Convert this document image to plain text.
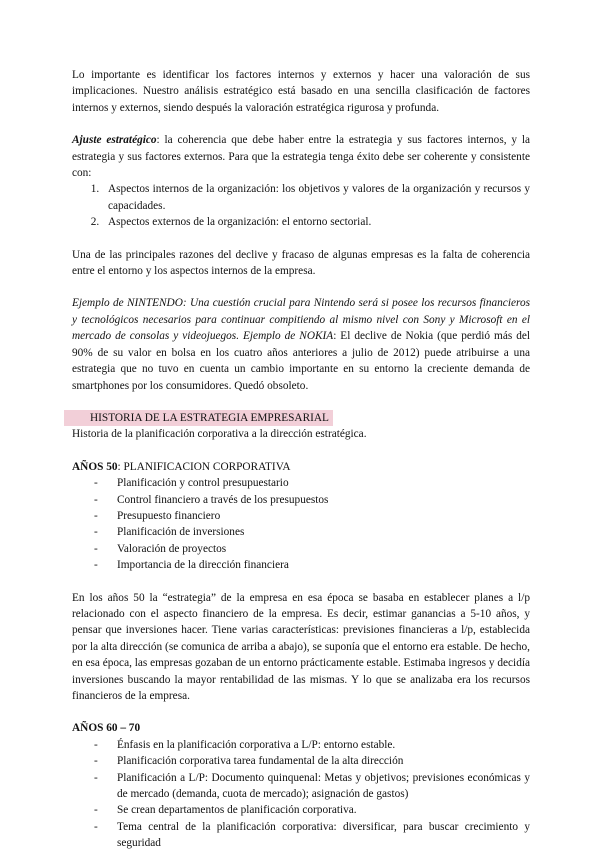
Lo importante es identificar los factores internos y externos y hacer una valoración de sus implicaciones. Nuestro análisis estratégico está basado en una sencilla clasificación de factores internos y externos, siendo después la valoración estratégica rigurosa y profunda.

Ajuste estratégico: la coherencia que debe haber entre la estrategia y sus factores internos, y la estrategia y sus factores externos. Para que la estrategia tenga éxito debe ser coherente y consistente con:

1. Aspectos internos de la organización: los objetivos y valores de la organización y recursos y capacidades.
2. Aspectos externos de la organización: el entorno sectorial.

Una de las principales razones del declive y fracaso de algunas empresas es la falta de coherencia entre el entorno y los aspectos internos de la empresa.

Ejemplo de NINTENDO: Una cuestión crucial para Nintendo será si posee los recursos financieros y tecnológicos necesarios para continuar compitiendo al mismo nivel con Sony y Microsoft en el mercado de consolas y videojuegos. Ejemplo de NOKIA: El declive de Nokia (que perdió más del 90% de su valor en bolsa en los cuatro años anteriores a julio de 2012) puede atribuirse a una estrategia que no tuvo en cuenta un cambio importante en su entorno la creciente demanda de smartphones por los consumidores. Quedó obsoleto.

HISTORIA DE LA ESTRATEGIA EMPRESARIAL

Historia de la planificación corporativa a la dirección estratégica.

AÑOS 50: PLANIFICACION CORPORATIVA

- Planificación y control presupuestario
- Control financiero a través de los presupuestos
- Presupuesto financiero
- Planificación de inversiones
- Valoración de proyectos
- Importancia de la dirección financiera

En los años 50 la “estrategia” de la empresa en esa época se basaba en establecer planes a l/p relacionado con el aspecto financiero de la empresa. Es decir, estimar ganancias a 5-10 años, y pensar que inversiones hacer. Tiene varias características: previsiones financieras a l/p, establecida por la alta dirección (se comunica de arriba a abajo), se suponía que el entorno era estable. De hecho, en esa época, las empresas gozaban de un entorno prácticamente estable. Estimaba ingresos y decidía inversiones buscando la mayor rentabilidad de las mismas. Y lo que se analizaba era los recursos financieros de la empresa.

AÑOS 60 – 70

- Énfasis en la planificación corporativa a L/P: entorno estable.
- Planificación corporativa tarea fundamental de la alta dirección
- Planificación a L/P: Documento quinquenal: Metas y objetivos; previsiones económicas y de mercado (demanda, cuota de mercado); asignación de gastos)
- Se crean departamentos de planificación corporativa.
- Tema central de la planificación corporativa: diversificar, para buscar crecimiento y seguridad
